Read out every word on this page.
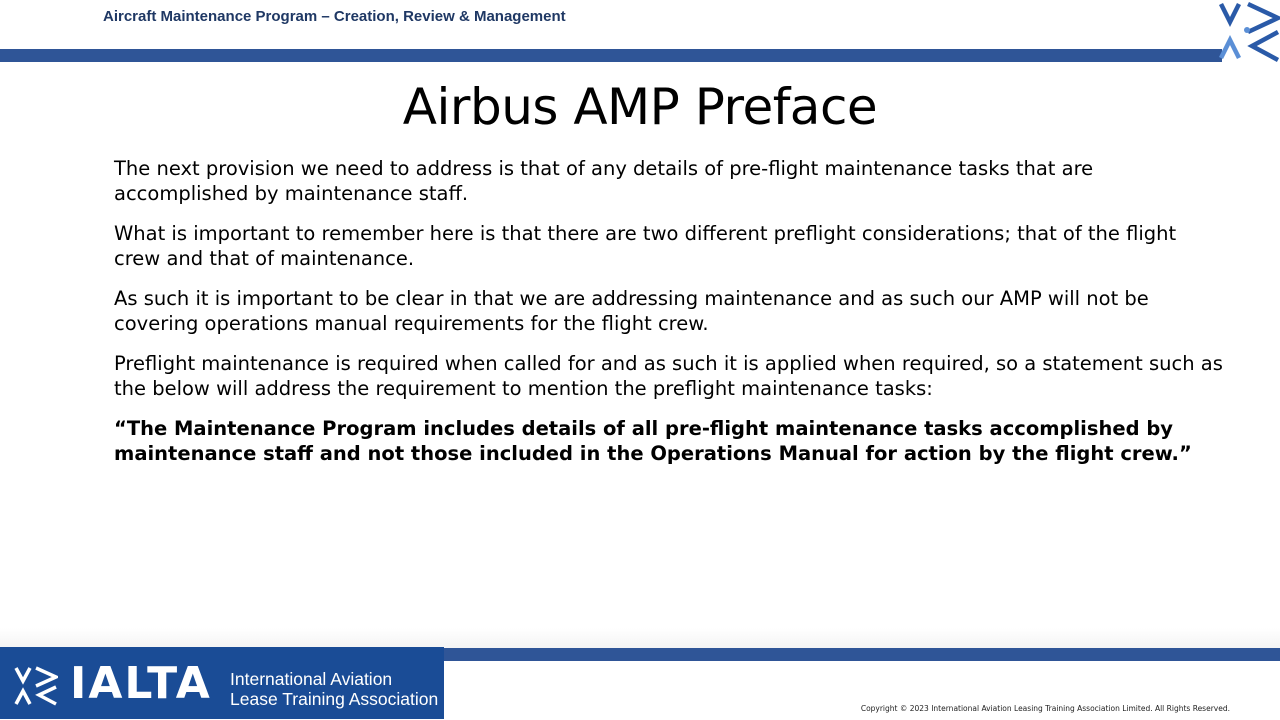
Aircraft Maintenance Program – Creation, Review & Management
Airbus AMP Preface

The next provision we need to address is that of any details of pre-flight maintenance tasks that are accomplished by maintenance staff.

What is important to remember here is that there are two different preflight considerations; that of the flight crew and that of maintenance.

As such it is important to be clear in that we are addressing maintenance and as such our AMP will not be covering operations manual requirements for the flight crew.

Preflight maintenance is required when called for and as such it is applied when required, so a statement such as the below will address the requirement to mention the preflight maintenance tasks:

“The Maintenance Program includes details of all pre-flight maintenance tasks accomplished by maintenance staff and not those included in the Operations Manual for action by the flight crew.”

IALTA International Aviation
Lease Training Association	Copyright © 2023 International Aviation Leasing Training Association Limited. All Rights Reserved.
